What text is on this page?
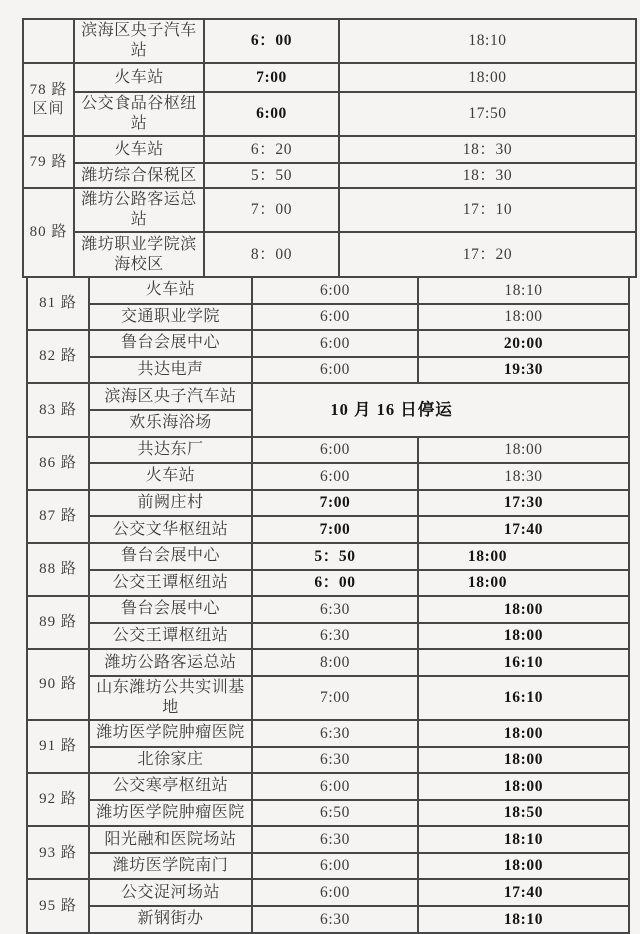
	滨海区央子汽车站	6：00	18:10
78 路区间	火车站	7:00	18:00
	公交食品谷枢纽站	6:00	17:50
79 路	火车站	6：20	18：30
	潍坊综合保税区	5：50	18：30
80 路	潍坊公路客运总站	7：00	17：10
	潍坊职业学院滨海校区	8：00	17：20
81 路	火车站	6:00	18:10
	交通职业学院	6:00	18:00
82 路	鲁台会展中心	6:00	20:00
	共达电声	6:00	19:30
83 路	滨海区央子汽车站	10 月 16 日停运	
	欢乐海浴场		
86 路	共达东厂	6:00	18:00
	火车站	6:00	18:30
87 路	前阙庄村	7:00	17:30
	公交文华枢纽站	7:00	17:40
88 路	鲁台会展中心	5：50	18:00
	公交王谭枢纽站	6：00	18:00
89 路	鲁台会展中心	6:30	18:00
	公交王谭枢纽站	6:30	18:00
90 路	潍坊公路客运总站	8:00	16:10
	山东潍坊公共实训基地	7:00	16:10
91 路	潍坊医学院肿瘤医院	6:30	18:00
	北徐家庄	6:30	18:00
92 路	公交寒亭枢纽站	6:00	18:00
	潍坊医学院肿瘤医院	6:50	18:50
93 路	阳光融和医院场站	6:30	18:10
	潍坊医学院南门	6:00	18:00
95 路	公交浞河场站	6:00	17:40
	新钢街办	6:30	18:10
